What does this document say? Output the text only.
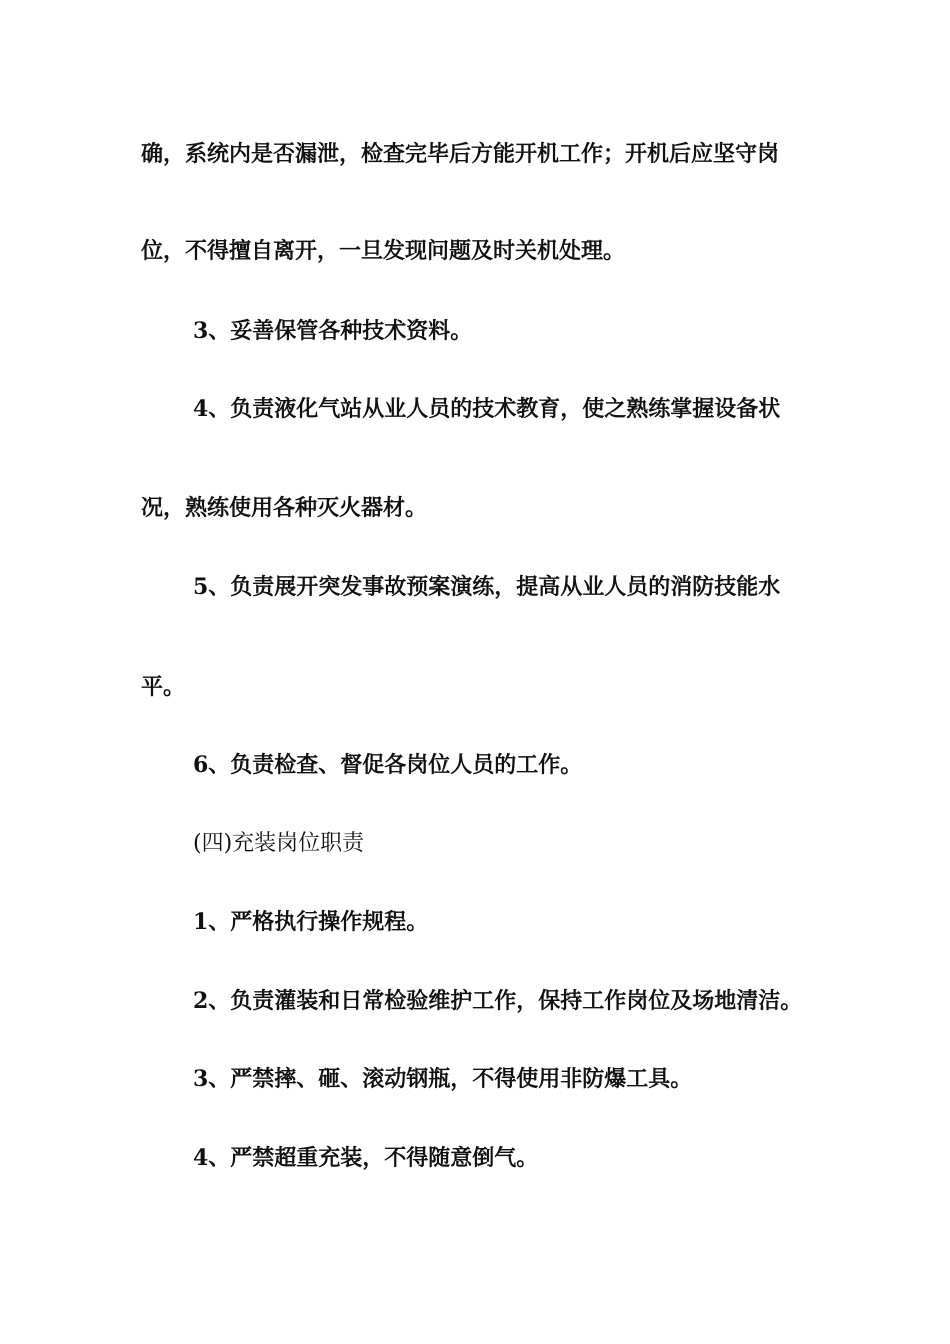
确，系统内是否漏泄，检查完毕后方能开机工作；开机后应坚守岗
位，不得擅自离开，一旦发现问题及时关机处理。
3、妥善保管各种技术资料。
4、负责液化气站从业人员的技术教育，使之熟练掌握设备状
况，熟练使用各种灭火器材。
5、负责展开突发事故预案演练，提高从业人员的消防技能水
平。
6、负责检查、督促各岗位人员的工作。
(四)充装岗位职责
1、严格执行操作规程。
2、负责灌装和日常检验维护工作，保持工作岗位及场地清洁。
3、严禁摔、砸、滚动钢瓶，不得使用非防爆工具。
4、严禁超重充装，不得随意倒气。
